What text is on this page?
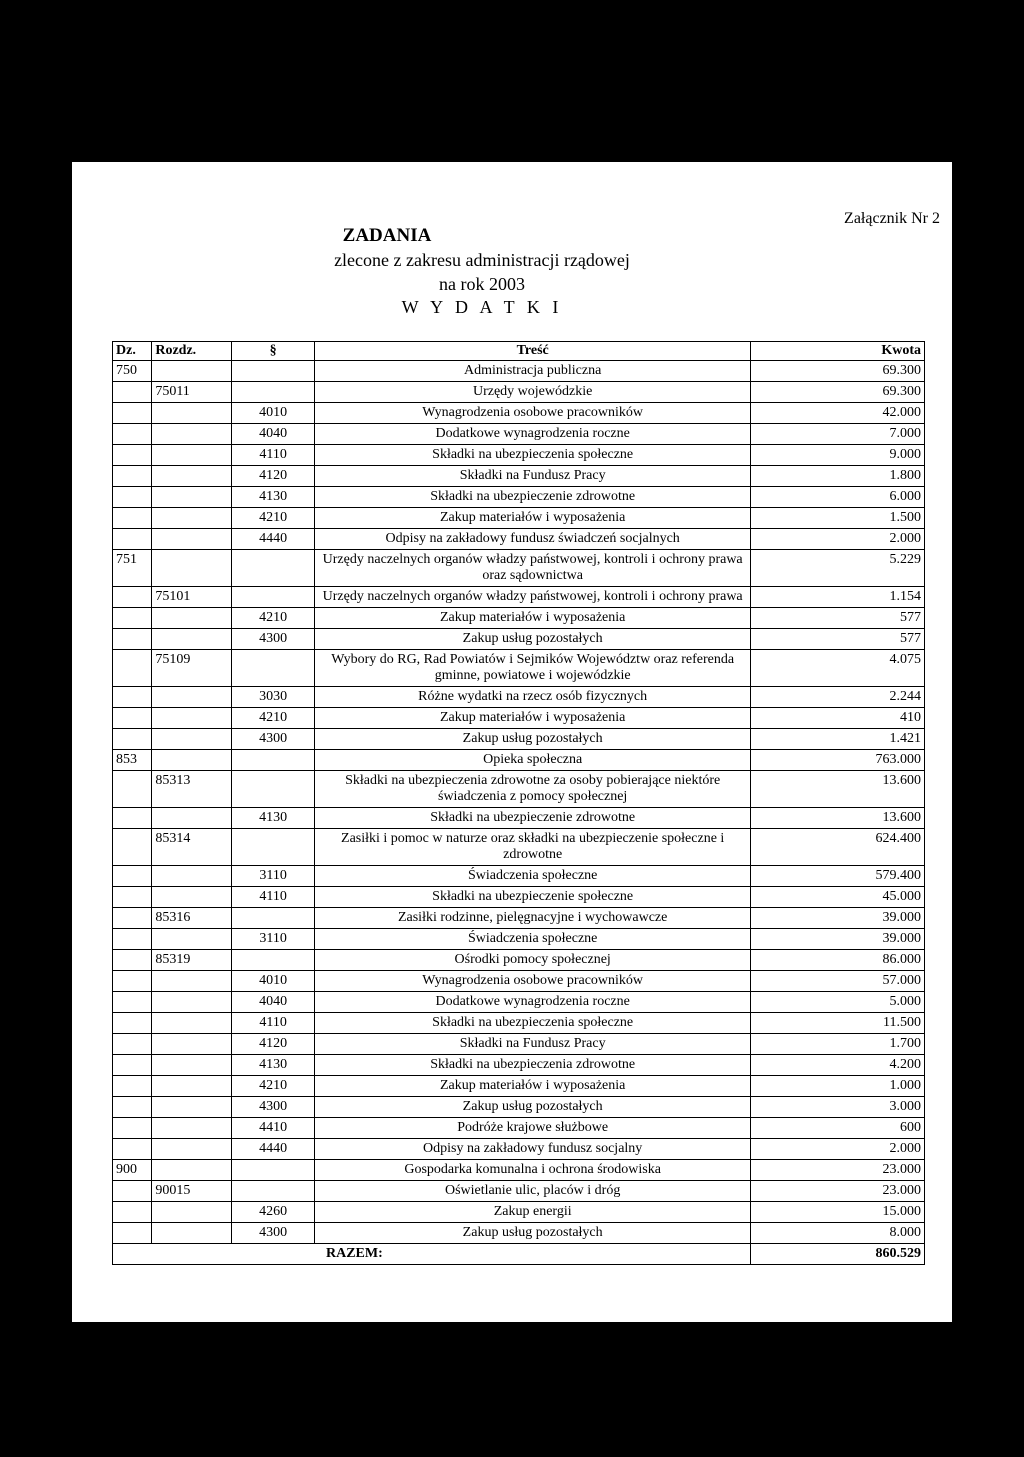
Załącznik Nr 2
ZADANIA
zlecone z zakresu administracji rządowej
na rok 2003
W Y D A T K I
Dz.	Rozdz.	§	Treść	Kwota
750			Administracja publiczna	69.300
	75011		Urzędy wojewódzkie	69.300
		4010	Wynagrodzenia osobowe pracowników	42.000
		4040	Dodatkowe wynagrodzenia roczne	7.000
		4110	Składki na ubezpieczenia społeczne	9.000
		4120	Składki na Fundusz Pracy	1.800
		4130	Składki na ubezpieczenie zdrowotne	6.000
		4210	Zakup materiałów i wyposażenia	1.500
		4440	Odpisy na zakładowy fundusz świadczeń socjalnych	2.000
751			Urzędy naczelnych organów władzy państwowej, kontroli i ochrony prawa oraz sądownictwa	5.229
	75101		Urzędy naczelnych organów władzy państwowej, kontroli i ochrony prawa	1.154
		4210	Zakup materiałów i wyposażenia	577
		4300	Zakup usług pozostałych	577
	75109		Wybory do RG, Rad Powiatów i Sejmików Województw oraz referenda gminne, powiatowe i wojewódzkie	4.075
		3030	Różne wydatki na rzecz osób fizycznych	2.244
		4210	Zakup materiałów i wyposażenia	410
		4300	Zakup usług pozostałych	1.421
853			Opieka społeczna	763.000
	85313		Składki na ubezpieczenia zdrowotne za osoby pobierające niektóre świadczenia z pomocy społecznej	13.600
		4130	Składki na ubezpieczenie zdrowotne	13.600
	85314		Zasiłki i pomoc w naturze oraz składki na ubezpieczenie społeczne i zdrowotne	624.400
		3110	Świadczenia społeczne	579.400
		4110	Składki na ubezpieczenie społeczne	45.000
	85316		Zasiłki rodzinne, pielęgnacyjne i wychowawcze	39.000
		3110	Świadczenia społeczne	39.000
	85319		Ośrodki pomocy społecznej	86.000
		4010	Wynagrodzenia osobowe pracowników	57.000
		4040	Dodatkowe wynagrodzenia roczne	5.000
		4110	Składki na ubezpieczenia społeczne	11.500
		4120	Składki na Fundusz Pracy	1.700
		4130	Składki na ubezpieczenia zdrowotne	4.200
		4210	Zakup materiałów i wyposażenia	1.000
		4300	Zakup usług pozostałych	3.000
		4410	Podróże krajowe służbowe	600
		4440	Odpisy na zakładowy fundusz socjalny	2.000
900			Gospodarka komunalna i ochrona środowiska	23.000
	90015		Oświetlanie ulic, placów i dróg	23.000
		4260	Zakup energii	15.000
		4300	Zakup usług pozostałych	8.000
RAZEM:				860.529
